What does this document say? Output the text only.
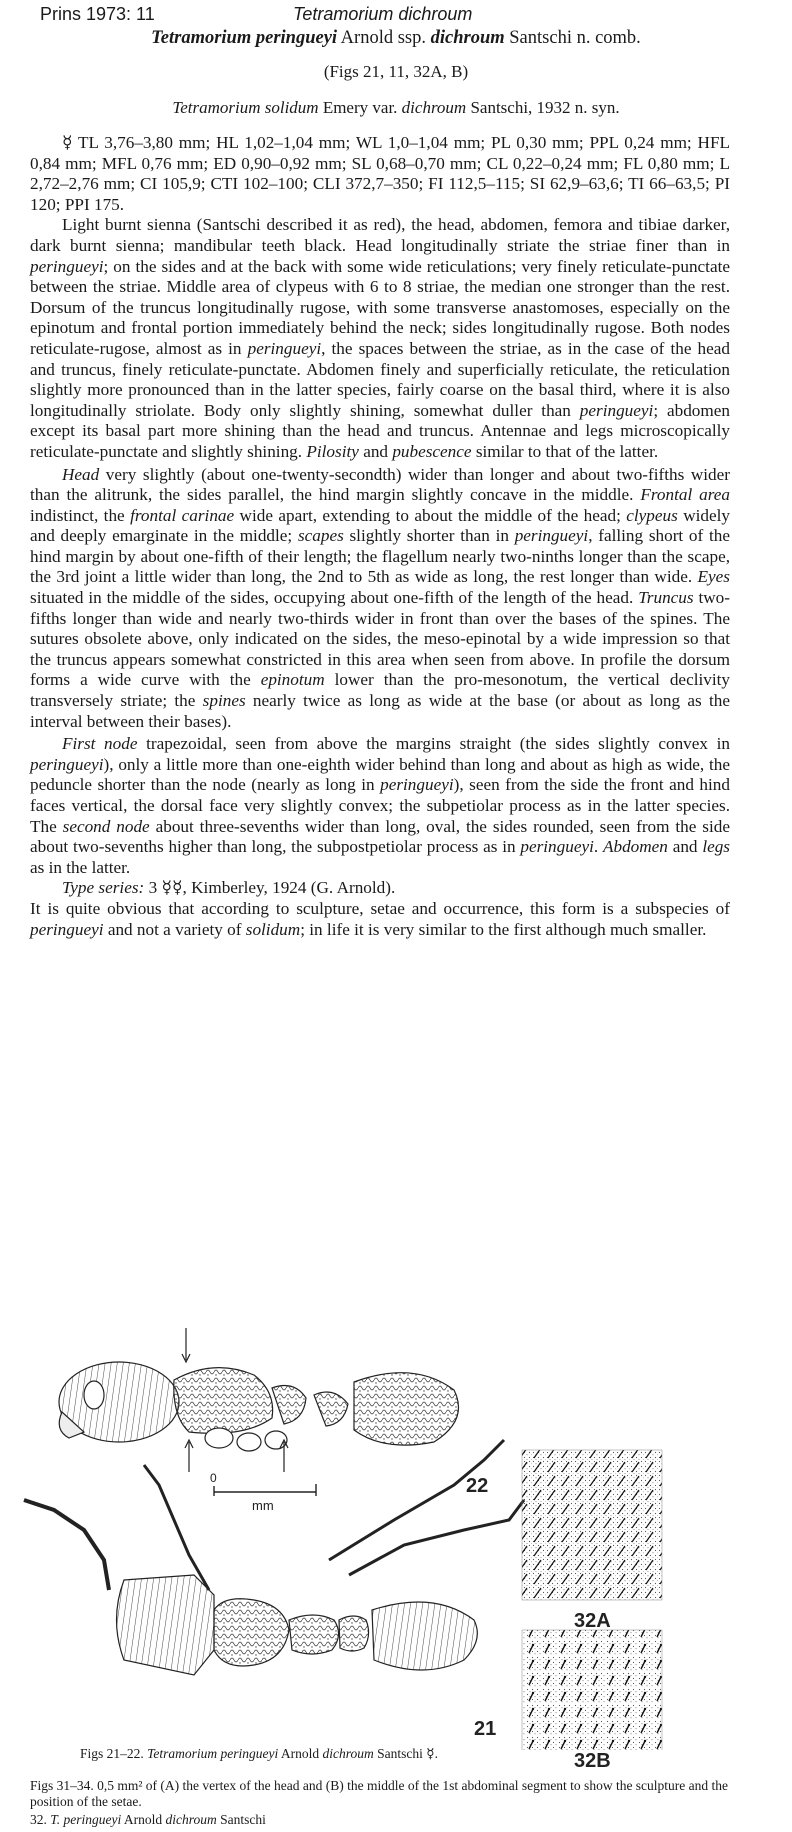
Prins 1973: 11	Tetramorium dichroum
Tetramorium peringueyi Arnold ssp. dichroum Santschi n. comb.
(Figs 21, 11, 32A, B)
Tetramorium solidum Emery var. dichroum Santschi, 1932 n. syn.

☿ TL 3,76–3,80 mm; HL 1,02–1,04 mm; WL 1,0–1,04 mm; PL 0,30 mm; PPL 0,24 mm; HFL 0,84 mm; MFL 0,76 mm; ED 0,90–0,92 mm; SL 0,68–0,70 mm; CL 0,22–0,24 mm; FL 0,80 mm; L 2,72–2,76 mm; CI 105,9; CTI 102–100; CLI 372,7–350; FI 112,5–115; SI 62,9–63,6; TI 66–63,5; PI 120; PPI 175.

Light burnt sienna (Santschi described it as red), the head, abdomen, femora and tibiae darker, dark burnt sienna; mandibular teeth black. Head longitudinally striate the striae finer than in peringueyi; on the sides and at the back with some wide reticulations; very finely reticulate-punctate between the striae. Middle area of clypeus with 6 to 8 striae, the median one stronger than the rest. Dorsum of the truncus longitudinally rugose, with some transverse anastomoses, especially on the epinotum and frontal portion immediately behind the neck; sides longitudinally rugose. Both nodes reticulate-rugose, almost as in peringueyi, the spaces between the striae, as in the case of the head and truncus, finely reticulate-punctate. Abdomen finely and superficially reticulate, the reticulation slightly more pronounced than in the latter species, fairly coarse on the basal third, where it is also longitudinally striolate. Body only slightly shining, somewhat duller than peringueyi; abdomen except its basal part more shining than the head and truncus. Antennae and legs microscopically reticulate-punctate and slightly shining. Pilosity and pubescence similar to that of the latter.

Head very slightly (about one-twenty-secondth) wider than longer and about two-fifths wider than the alitrunk, the sides parallel, the hind margin slightly concave in the middle. Frontal area indistinct, the frontal carinae wide apart, extending to about the middle of the head; clypeus widely and deeply emarginate in the middle; scapes slightly shorter than in peringueyi, falling short of the hind margin by about one-fifth of their length; the flagellum nearly two-ninths longer than the scape, the 3rd joint a little wider than long, the 2nd to 5th as wide as long, the rest longer than wide. Eyes situated in the middle of the sides, occupying about one-fifth of the length of the head. Truncus two-fifths longer than wide and nearly two-thirds wider in front than over the bases of the spines. The sutures obsolete above, only indicated on the sides, the meso-epinotal by a wide impression so that the truncus appears somewhat constricted in this area when seen from above. In profile the dorsum forms a wide curve with the epinotum lower than the pro-mesonotum, the vertical declivity transversely striate; the spines nearly twice as long as wide at the base (or about as long as the interval between their bases).

First node trapezoidal, seen from above the margins straight (the sides slightly convex in peringueyi), only a little more than one-eighth wider behind than long and about as high as wide, the peduncle shorter than the node (nearly as long in peringueyi), seen from the side the front and hind faces vertical, the dorsal face very slightly convex; the subpetiolar process as in the latter species. The second node about three-sevenths wider than long, oval, the sides rounded, seen from the side about two-sevenths higher than long, the subpostpetiolar process as in peringueyi. Abdomen and legs as in the latter.

Type series: 3 ☿☿, Kimberley, 1924 (G. Arnold).

It is quite obvious that according to sculpture, setae and occurrence, this form is a subspecies of peringueyi and not a variety of solidum; in life it is very similar to the first although much smaller.

0
mm
22
21
32A
32B
Figs 21–22. Tetramorium peringueyi Arnold dichroum Santschi ☿.
Figs 31–34. 0,5 mm² of (A) the vertex of the head and (B) the middle of the 1st abdominal segment to show the sculpture and the position of the setae.
32. T. peringueyi Arnold dichroum Santschi
